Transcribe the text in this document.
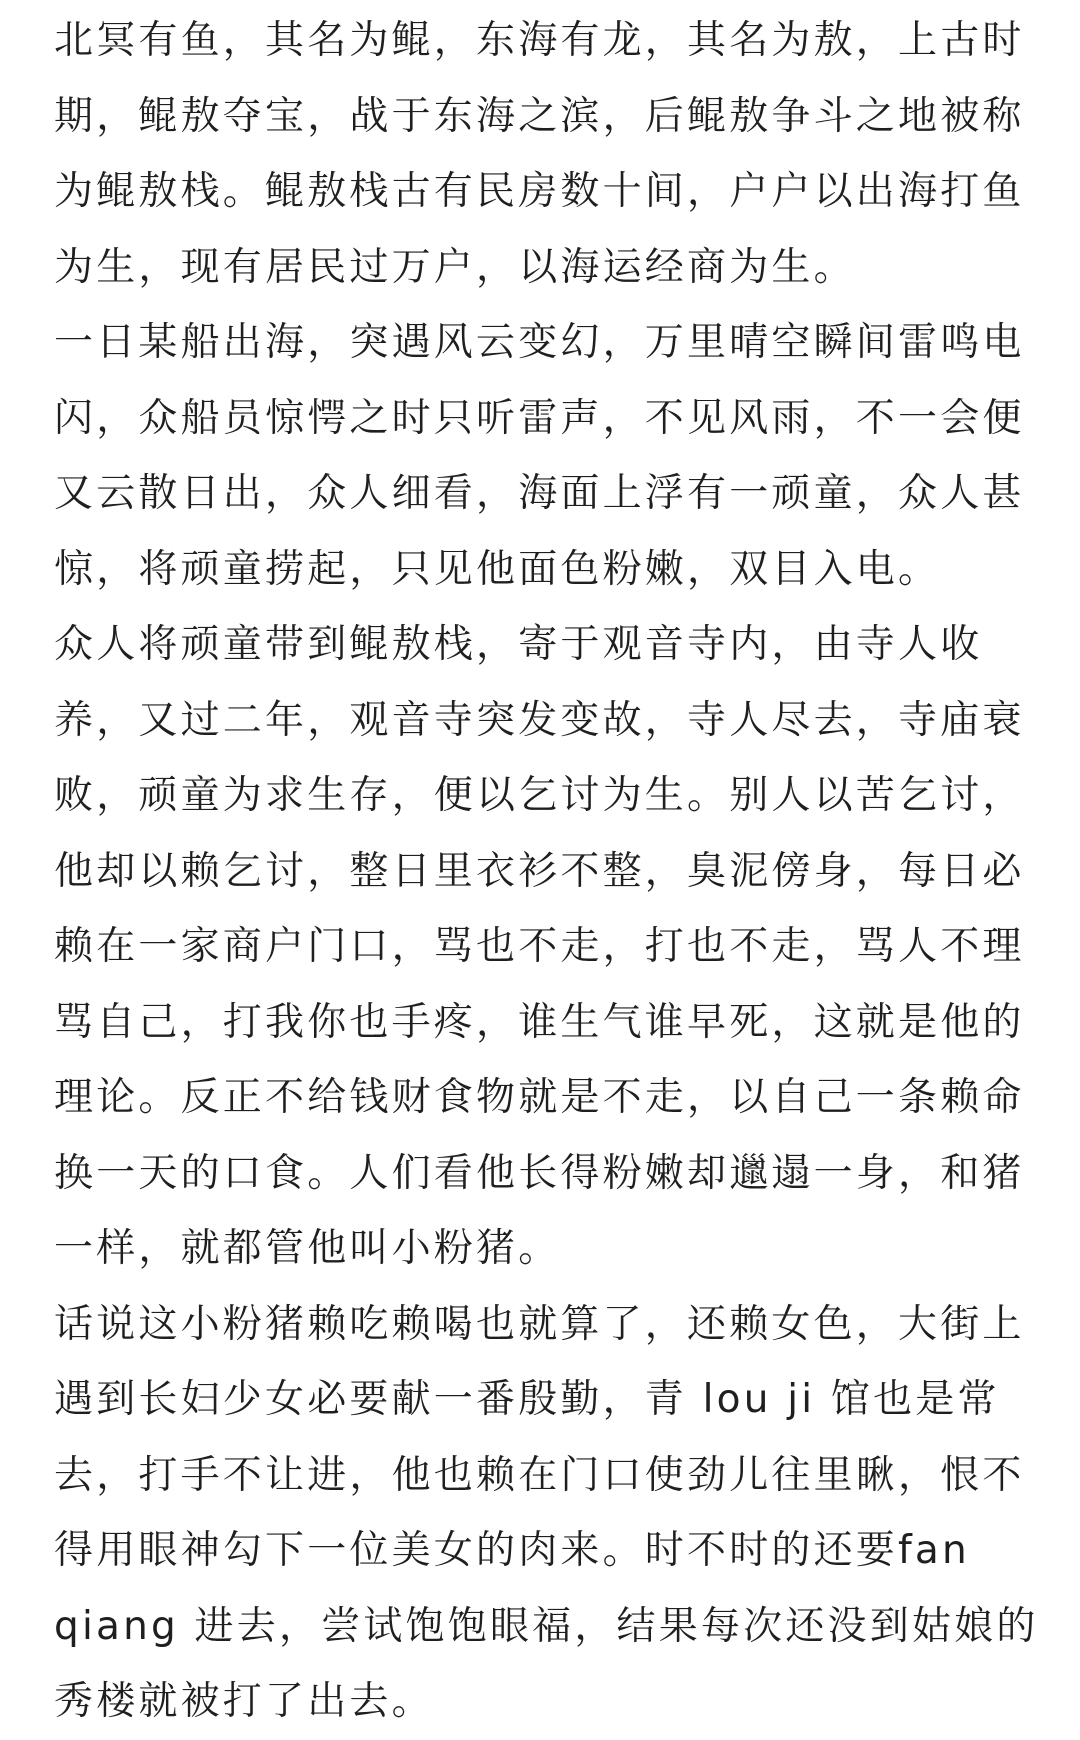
北冥有鱼，其名为鲲，东海有龙，其名为敖，上古时
期，鲲敖夺宝，战于东海之滨，后鲲敖争斗之地被称
为鲲敖栈。鲲敖栈古有民房数十间，户户以出海打鱼
为生，现有居民过万户，以海运经商为生。

一日某船出海，突遇风云变幻，万里晴空瞬间雷鸣电
闪，众船员惊愕之时只听雷声，不见风雨，不一会便
又云散日出，众人细看，海面上浮有一顽童，众人甚
惊，将顽童捞起，只见他面色粉嫩，双目入电。

众人将顽童带到鲲敖栈，寄于观音寺内，由寺人收
养，又过二年，观音寺突发变故，寺人尽去，寺庙衰
败，顽童为求生存，便以乞讨为生。别人以苦乞讨，
他却以赖乞讨，整日里衣衫不整，臭泥傍身，每日必
赖在一家商户门口，骂也不走，打也不走，骂人不理
骂自己，打我你也手疼，谁生气谁早死，这就是他的
理论。反正不给钱财食物就是不走，以自己一条赖命
换一天的口食。人们看他长得粉嫩却邋遢一身，和猪
一样，就都管他叫小粉猪。

话说这小粉猪赖吃赖喝也就算了，还赖女色，大街上
遇到长妇少女必要献一番殷勤，青 lou ji 馆也是常
去，打手不让进，他也赖在门口使劲儿往里瞅，恨不
得用眼神勾下一位美女的肉来。时不时的还要fan
qiang 进去，尝试饱饱眼福，结果每次还没到姑娘的
秀楼就被打了出去。
